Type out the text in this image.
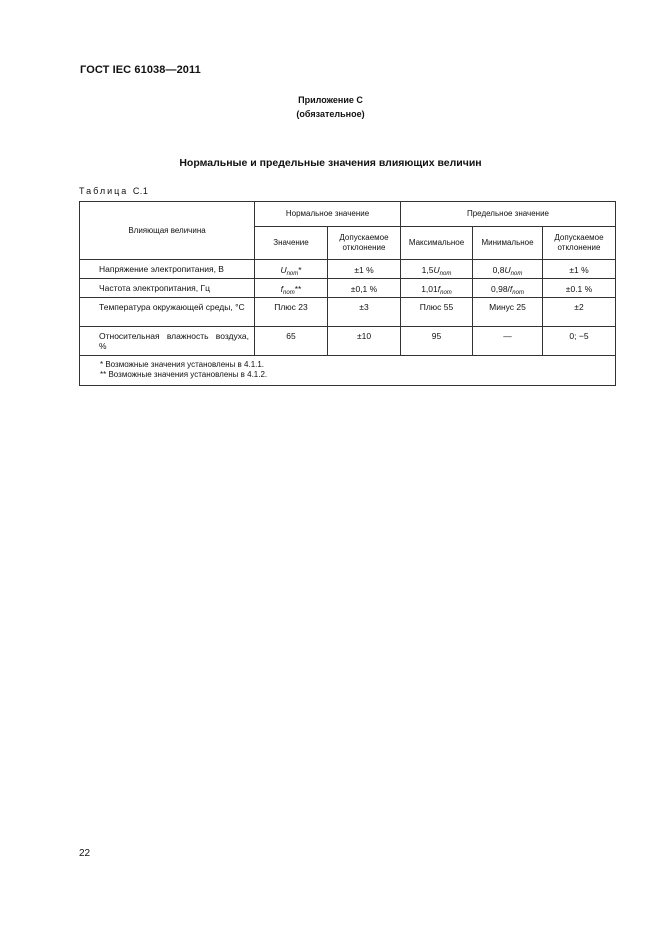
ГОСТ IEC 61038—2011
Приложение С
(обязательное)
Нормальные и предельные значения влияющих величин
Таблица С.1
Влияющая величина	Нормальное значение		Предельное значение		
	Значение	Допускаемое отклонение	Максимальное	Минимальное	Допускаемое отклонение
Напряжение электропитания, В	$U_{nom}*$	±1 %	$1,5U_{nom}$	$0,8U_{nom}$	±1 %
Частота электропитания, Гц	$f_{nom}**$	±0,1 %	$1,01f_{nom}$	$0,98/f_{nom}$	±0.1 %
Температура окружающей среды, °С	Плюс 23	±3	Плюс 55	Минус 25	±2
Относительная влажность воздуха, %	65	±10	95	—	0; −5

* Возможные значения установлены в 4.1.1.
** Возможные значения установлены в 4.1.2.					
22
